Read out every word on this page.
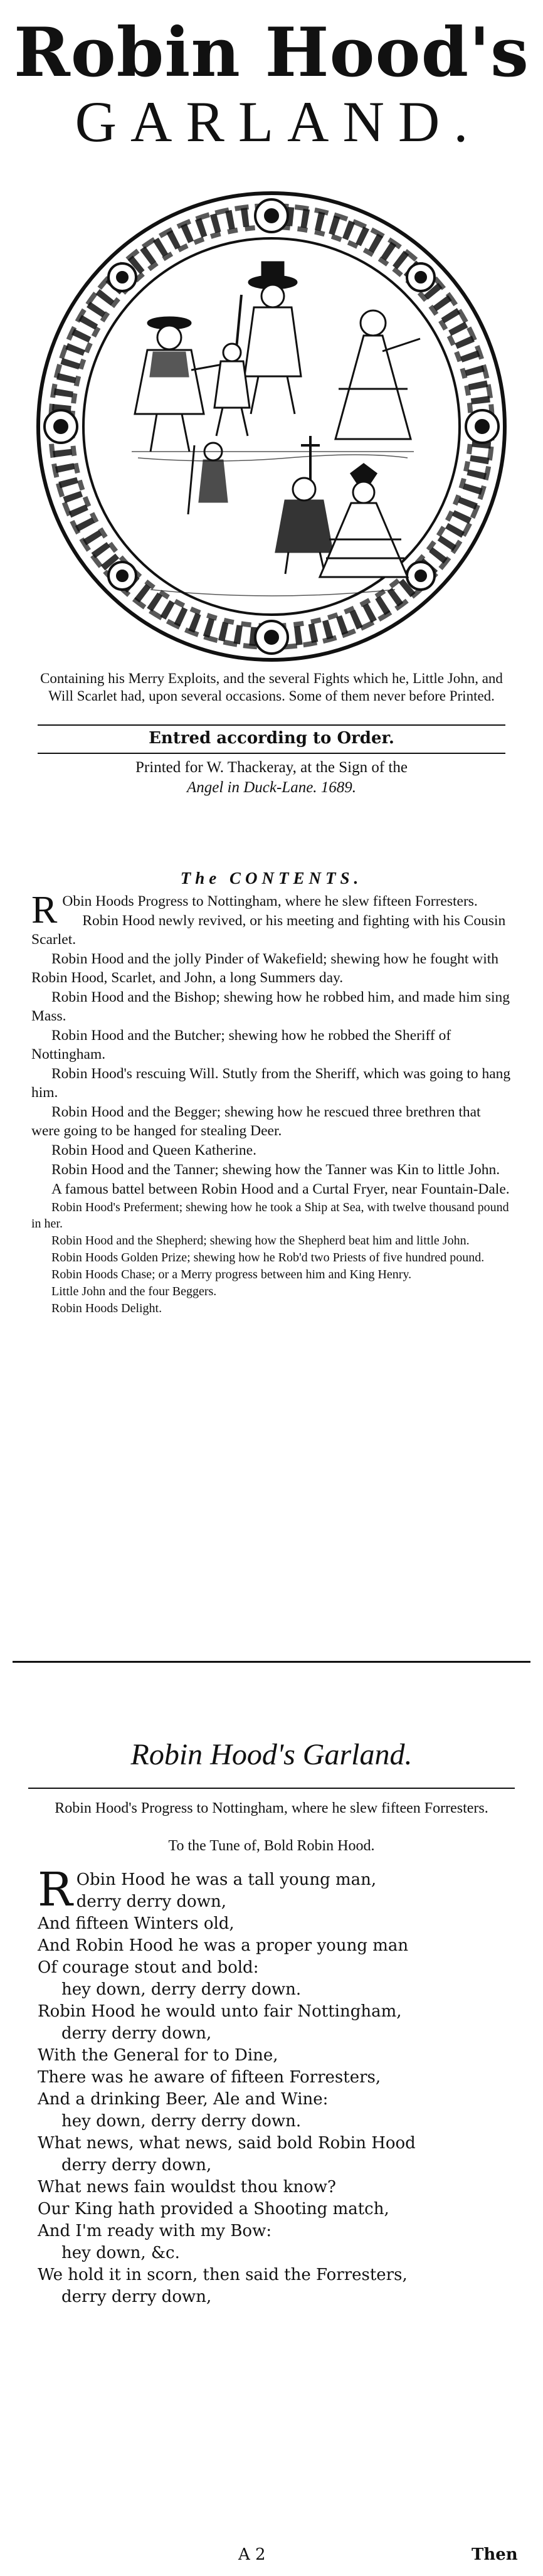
Robin Hood's
GARLAND.
Containing his Merry Exploits, and the several Fights which he, Little John, and Will Scarlet had, upon several occasions. Some of them never before Printed.
Entred according to Order.
Printed for W. Thackeray, at the Sign of the
Angel in Duck-Lane. 1689.
The CONTENTS.
R Obin Hoods Progress to Nottingham, where he slew fifteen Forresters.
Robin Hood newly revived, or his meeting and fighting with his Cousin Scarlet.
Robin Hood and the jolly Pinder of Wakefield; shewing how he fought with Robin Hood, Scarlet, and John, a long Summers day.
Robin Hood and the Bishop; shewing how he robbed him, and made him sing Mass.
Robin Hood and the Butcher; shewing how he robbed the Sheriff of Nottingham.
Robin Hood's rescuing Will. Stutly from the Sheriff, which was going to hang him.
Robin Hood and the Begger; shewing how he rescued three brethren that were going to be hanged for stealing Deer.
Robin Hood and Queen Katherine.
Robin Hood and the Tanner; shewing how the Tanner was Kin to little John.
A famous battel between Robin Hood and a Curtal Fryer, near Fountain-Dale.
Robin Hood's Preferment; shewing how he took a Ship at Sea, with twelve thousand pound in her.
Robin Hood and the Shepherd; shewing how the Shepherd beat him and little John.
Robin Hoods Golden Prize; shewing how he Rob'd two Priests of five hundred pound.
Robin Hoods Chase; or a Merry progress between him and King Henry.
Little John and the four Beggers.
Robin Hoods Delight.
Robin Hood's Garland.
Robin Hood's Progress to Nottingham, where he slew fifteen Forresters.
To the Tune of, Bold Robin Hood.
R Obin Hood he was a tall young man,
derry derry down,
And fifteen Winters old,
And Robin Hood he was a proper young man
Of courage stout and bold:
hey down, derry derry down.
Robin Hood he would unto fair Nottingham,
derry derry down,
With the General for to Dine,
There was he aware of fifteen Forresters,
And a drinking Beer, Ale and Wine:
hey down, derry derry down.
What news, what news, said bold Robin Hood
derry derry down,
What news fain wouldst thou know?
Our King hath provided a Shooting match,
And I'm ready with my Bow:
hey down, &c.
We hold it in scorn, then said the Forresters,
derry derry down,
A 2	Then
